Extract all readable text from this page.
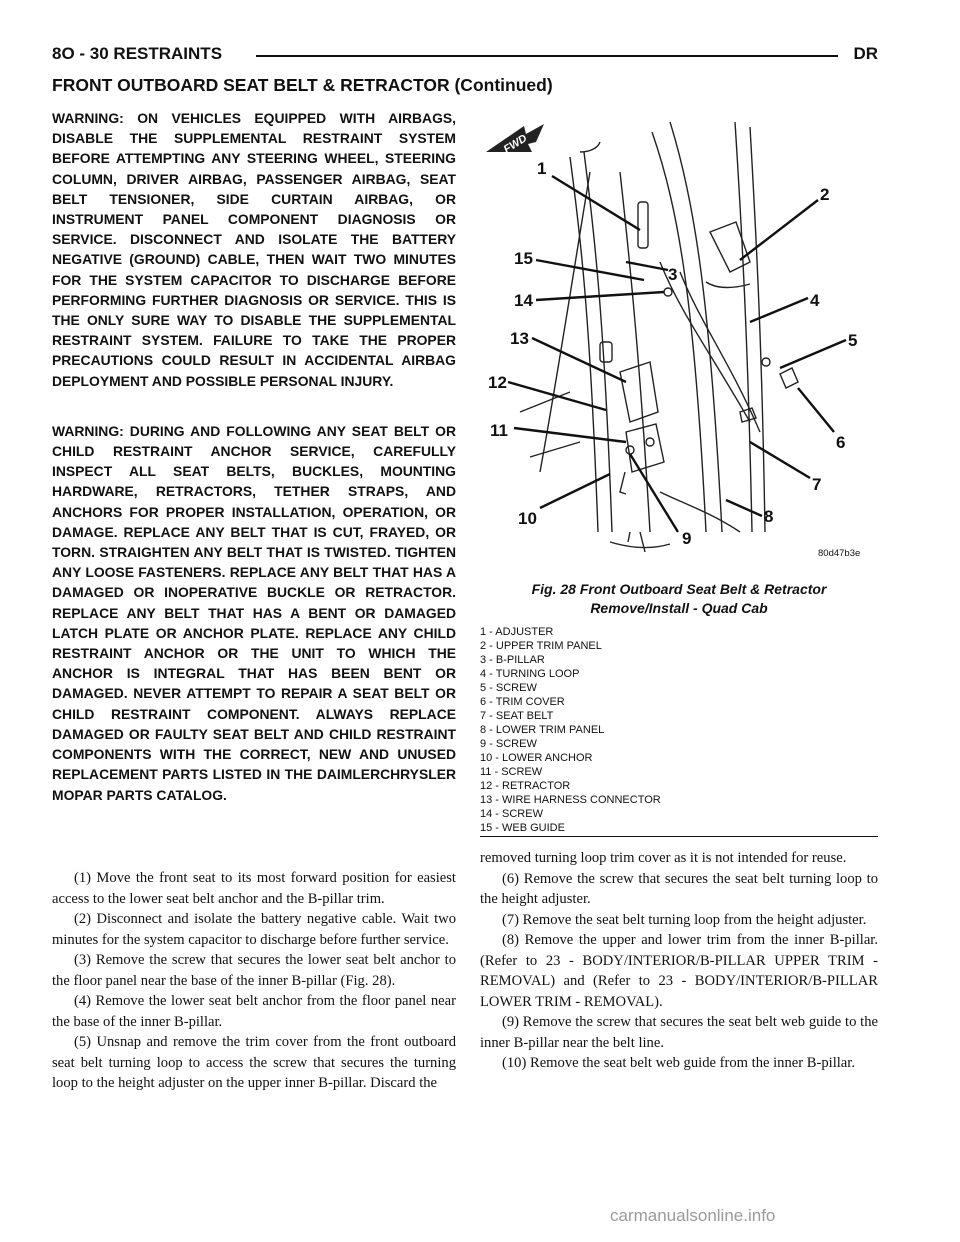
8O - 30 RESTRAINTS	DR
FRONT OUTBOARD SEAT BELT & RETRACTOR (Continued)

WARNING: ON VEHICLES EQUIPPED WITH AIRBAGS, DISABLE THE SUPPLEMENTAL RESTRAINT SYSTEM BEFORE ATTEMPTING ANY STEERING WHEEL, STEERING COLUMN, DRIVER AIRBAG, PASSENGER AIRBAG, SEAT BELT TENSIONER, SIDE CURTAIN AIRBAG, OR INSTRUMENT PANEL COMPONENT DIAGNOSIS OR SERVICE. DISCONNECT AND ISOLATE THE BATTERY NEGATIVE (GROUND) CABLE, THEN WAIT TWO MINUTES FOR THE SYSTEM CAPACITOR TO DISCHARGE BEFORE PERFORMING FURTHER DIAGNOSIS OR SERVICE. THIS IS THE ONLY SURE WAY TO DISABLE THE SUPPLEMENTAL RESTRAINT SYSTEM. FAILURE TO TAKE THE PROPER PRECAUTIONS COULD RESULT IN ACCIDENTAL AIRBAG DEPLOYMENT AND POSSIBLE PERSONAL INJURY.

WARNING: DURING AND FOLLOWING ANY SEAT BELT OR CHILD RESTRAINT ANCHOR SERVICE, CAREFULLY INSPECT ALL SEAT BELTS, BUCKLES, MOUNTING HARDWARE, RETRACTORS, TETHER STRAPS, AND ANCHORS FOR PROPER INSTALLATION, OPERATION, OR DAMAGE. REPLACE ANY BELT THAT IS CUT, FRAYED, OR TORN. STRAIGHTEN ANY BELT THAT IS TWISTED. TIGHTEN ANY LOOSE FASTENERS. REPLACE ANY BELT THAT HAS A DAMAGED OR INOPERATIVE BUCKLE OR RETRACTOR. REPLACE ANY BELT THAT HAS A BENT OR DAMAGED LATCH PLATE OR ANCHOR PLATE. REPLACE ANY CHILD RESTRAINT ANCHOR OR THE UNIT TO WHICH THE ANCHOR IS INTEGRAL THAT HAS BEEN BENT OR DAMAGED. NEVER ATTEMPT TO REPAIR A SEAT BELT OR CHILD RESTRAINT COMPONENT. ALWAYS REPLACE DAMAGED OR FAULTY SEAT BELT AND CHILD RESTRAINT COMPONENTS WITH THE CORRECT, NEW AND UNUSED REPLACEMENT PARTS LISTED IN THE DAIMLERCHRYSLER MOPAR PARTS CATALOG.

(1) Move the front seat to its most forward position for easiest access to the lower seat belt anchor and the B-pillar trim.

(2) Disconnect and isolate the battery negative cable. Wait two minutes for the system capacitor to discharge before further service.

(3) Remove the screw that secures the lower seat belt anchor to the floor panel near the base of the inner B-pillar (Fig. 28).

(4) Remove the lower seat belt anchor from the floor panel near the base of the inner B-pillar.

(5) Unsnap and remove the trim cover from the front outboard seat belt turning loop to access the screw that secures the turning loop to the height adjuster on the upper inner B-pillar. Discard the

FWD
1
2
3
4
5
6
7
8
9
10
11
12
13
14
15
80d47b3e
Fig. 28 Front Outboard Seat Belt & Retractor
Remove/Install - Quad Cab
1 - ADJUSTER
2 - UPPER TRIM PANEL
3 - B-PILLAR
4 - TURNING LOOP
5 - SCREW
6 - TRIM COVER
7 - SEAT BELT
8 - LOWER TRIM PANEL
9 - SCREW
10 - LOWER ANCHOR
11 - SCREW
12 - RETRACTOR
13 - WIRE HARNESS CONNECTOR
14 - SCREW
15 - WEB GUIDE

removed turning loop trim cover as it is not intended for reuse.

(6) Remove the screw that secures the seat belt turning loop to the height adjuster.

(7) Remove the seat belt turning loop from the height adjuster.

(8) Remove the upper and lower trim from the inner B-pillar. (Refer to 23 - BODY/INTERIOR/B-PILLAR UPPER TRIM - REMOVAL) and (Refer to 23 - BODY/INTERIOR/B-PILLAR LOWER TRIM - REMOVAL).

(9) Remove the screw that secures the seat belt web guide to the inner B-pillar near the belt line.

(10) Remove the seat belt web guide from the inner B-pillar.

carmanualsonline.info
